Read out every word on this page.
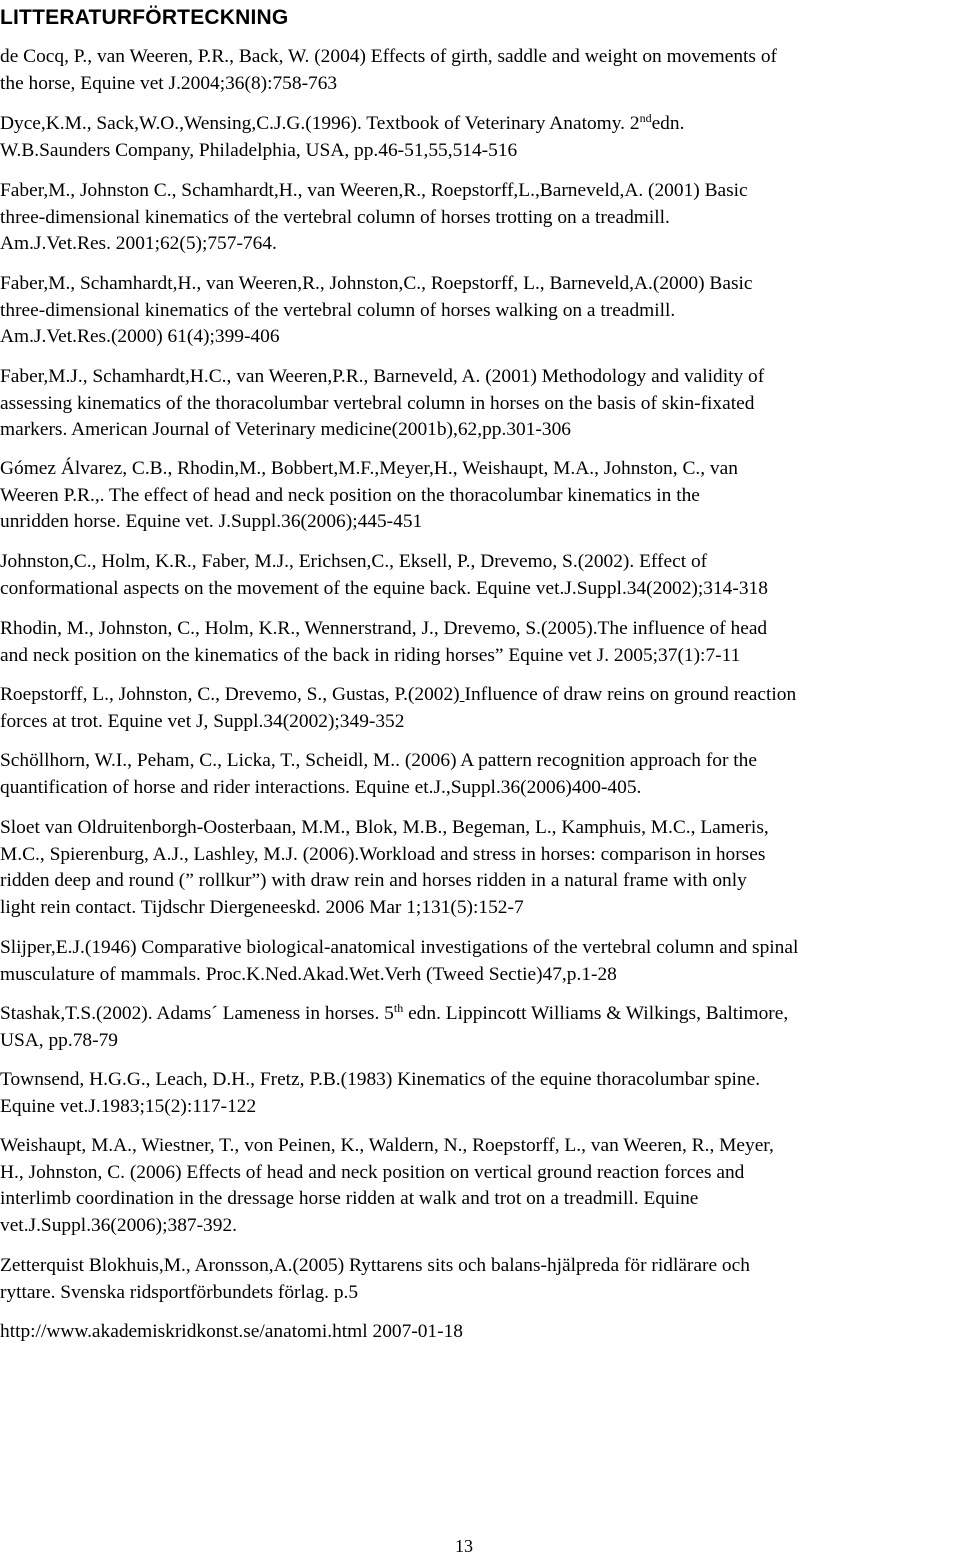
LITTERATURFÖRTECKNING
de Cocq, P., van Weeren, P.R., Back, W. (2004) Effects of girth, saddle and weight on movements of
the horse, Equine vet J.2004;36(8):758-763
Dyce,K.M., Sack,W.O.,Wensing,C.J.G.(1996). Textbook of Veterinary Anatomy. 2ndedn.
W.B.Saunders Company, Philadelphia, USA, pp.46-51,55,514-516
Faber,M., Johnston C., Schamhardt,H., van Weeren,R., Roepstorff,L.,Barneveld,A. (2001) Basic
three-dimensional kinematics of the vertebral column of horses trotting on a treadmill.
Am.J.Vet.Res. 2001;62(5);757-764.
Faber,M., Schamhardt,H., van Weeren,R., Johnston,C., Roepstorff, L., Barneveld,A.(2000) Basic
three-dimensional kinematics of the vertebral column of horses walking on a treadmill.
Am.J.Vet.Res.(2000) 61(4);399-406
Faber,M.J., Schamhardt,H.C., van Weeren,P.R., Barneveld, A. (2001) Methodology and validity of
assessing kinematics of the thoracolumbar vertebral column in horses on the basis of skin-fixated
markers. American Journal of Veterinary medicine(2001b),62,pp.301-306
Gómez Álvarez, C.B., Rhodin,M., Bobbert,M.F.,Meyer,H., Weishaupt, M.A., Johnston, C., van
Weeren P.R.,. The effect of head and neck position on the thoracolumbar kinematics in the
unridden horse. Equine vet. J.Suppl.36(2006);445-451
Johnston,C., Holm, K.R., Faber, M.J., Erichsen,C., Eksell, P., Drevemo, S.(2002). Effect of
conformational aspects on the movement of the equine back. Equine vet.J.Suppl.34(2002);314-318
Rhodin, M., Johnston, C., Holm, K.R., Wennerstrand, J., Drevemo, S.(2005).The influence of head
and neck position on the kinematics of the back in riding horses” Equine vet J. 2005;37(1):7-11
Roepstorff, L., Johnston, C., Drevemo, S., Gustas, P.(2002) Influence of draw reins on ground reaction
forces at trot. Equine vet J, Suppl.34(2002);349-352
Schöllhorn, W.I., Peham, C., Licka, T., Scheidl, M.. (2006) A pattern recognition approach for the
quantification of horse and rider interactions. Equine et.J.,Suppl.36(2006)400-405.
Sloet van Oldruitenborgh-Oosterbaan, M.M., Blok, M.B., Begeman, L., Kamphuis, M.C., Lameris,
M.C., Spierenburg, A.J., Lashley, M.J. (2006).Workload and stress in horses: comparison in horses
ridden deep and round (” rollkur”) with draw rein and horses ridden in a natural frame with only
light rein contact. Tijdschr Diergeneeskd. 2006 Mar 1;131(5):152-7
Slijper,E.J.(1946) Comparative biological-anatomical investigations of the vertebral column and spinal
musculature of mammals. Proc.K.Ned.Akad.Wet.Verh (Tweed Sectie)47,p.1-28
Stashak,T.S.(2002). Adams´ Lameness in horses. 5th edn. Lippincott Williams & Wilkings, Baltimore,
USA, pp.78-79
Townsend, H.G.G., Leach, D.H., Fretz, P.B.(1983) Kinematics of the equine thoracolumbar spine.
Equine vet.J.1983;15(2):117-122
Weishaupt, M.A., Wiestner, T., von Peinen, K., Waldern, N., Roepstorff, L., van Weeren, R., Meyer,
H., Johnston, C. (2006) Effects of head and neck position on vertical ground reaction forces and
interlimb coordination in the dressage horse ridden at walk and trot on a treadmill. Equine
vet.J.Suppl.36(2006);387-392.
Zetterquist Blokhuis,M., Aronsson,A.(2005) Ryttarens sits och balans-hjälpreda för ridlärare och
ryttare. Svenska ridsportförbundets förlag. p.5
http://www.akademiskridkonst.se/anatomi.html 2007-01-18
13
